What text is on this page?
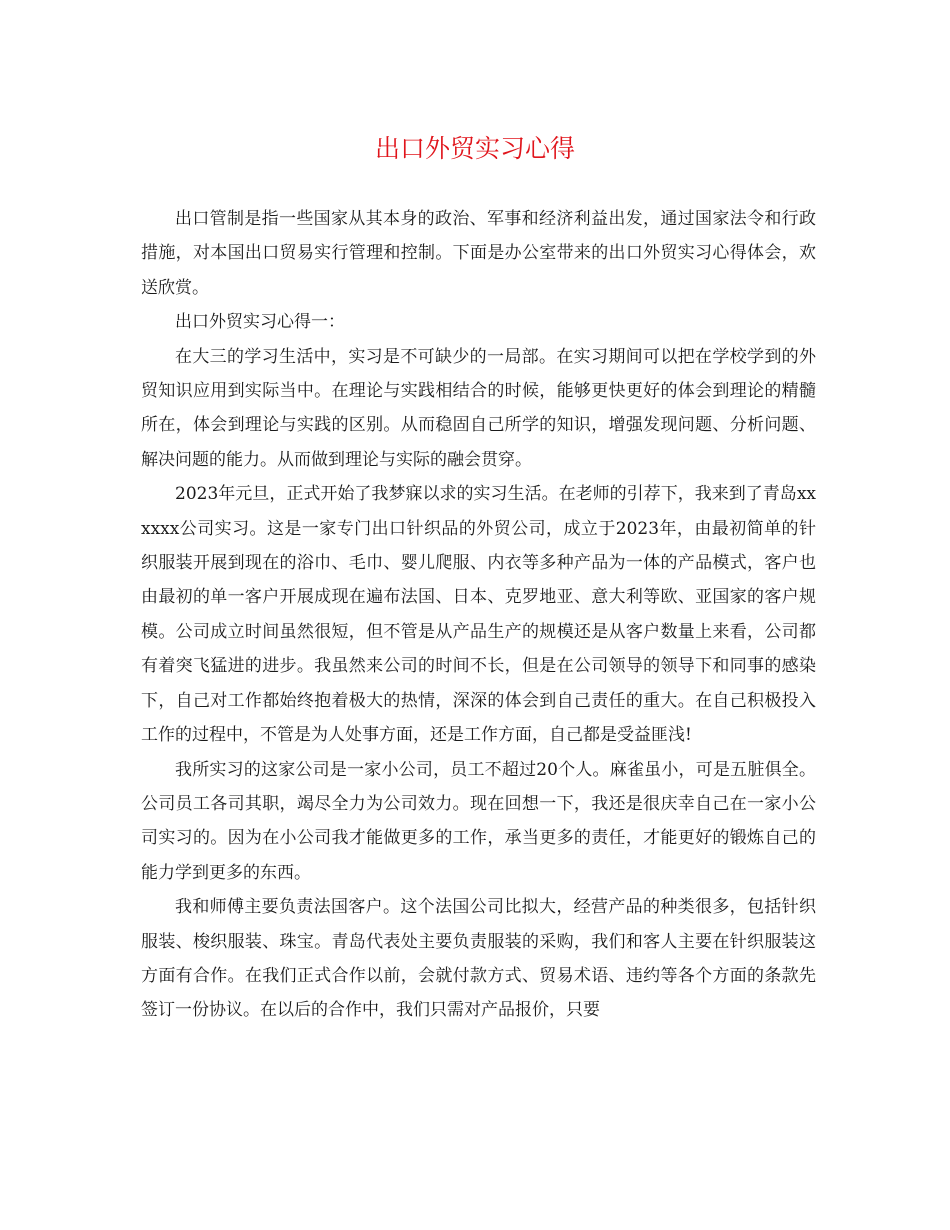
出口外贸实习心得

出口管制是指一些国家从其本身的政治、军事和经济利益出发，通过国家法令和行政措施，对本国出口贸易实行管理和控制。下面是办公室带来的出口外贸实习心得体会，欢送欣赏。

出口外贸实习心得一：

在大三的学习生活中，实习是不可缺少的一局部。在实习期间可以把在学校学到的外贸知识应用到实际当中。在理论与实践相结合的时候，能够更快更好的体会到理论的精髓所在，体会到理论与实践的区别。从而稳固自己所学的知识，增强发现问题、分析问题、解决问题的能力。从而做到理论与实际的融会贯穿。

2023年元旦，正式开始了我梦寐以求的实习生活。在老师的引荐下，我来到了青岛xxxxxx公司实习。这是一家专门出口针织品的外贸公司，成立于2023年，由最初简单的针织服装开展到现在的浴巾、毛巾、婴儿爬服、内衣等多种产品为一体的产品模式，客户也由最初的单一客户开展成现在遍布法国、日本、克罗地亚、意大利等欧、亚国家的客户规模。公司成立时间虽然很短，但不管是从产品生产的规模还是从客户数量上来看，公司都有着突飞猛进的进步。我虽然来公司的时间不长，但是在公司领导的领导下和同事的感染下，自己对工作都始终抱着极大的热情，深深的体会到自己责任的重大。在自己积极投入工作的过程中，不管是为人处事方面，还是工作方面，自己都是受益匪浅!

我所实习的这家公司是一家小公司，员工不超过20个人。麻雀虽小，可是五脏俱全。公司员工各司其职，竭尽全力为公司效力。现在回想一下，我还是很庆幸自己在一家小公司实习的。因为在小公司我才能做更多的工作，承当更多的责任，才能更好的锻炼自己的能力学到更多的东西。

我和师傅主要负责法国客户。这个法国公司比拟大，经营产品的种类很多，包括针织服装、梭织服装、珠宝。青岛代表处主要负责服装的采购，我们和客人主要在针织服装这方面有合作。在我们正式合作以前，会就付款方式、贸易术语、违约等各个方面的条款先签订一份协议。在以后的合作中，我们只需对产品报价，只要
